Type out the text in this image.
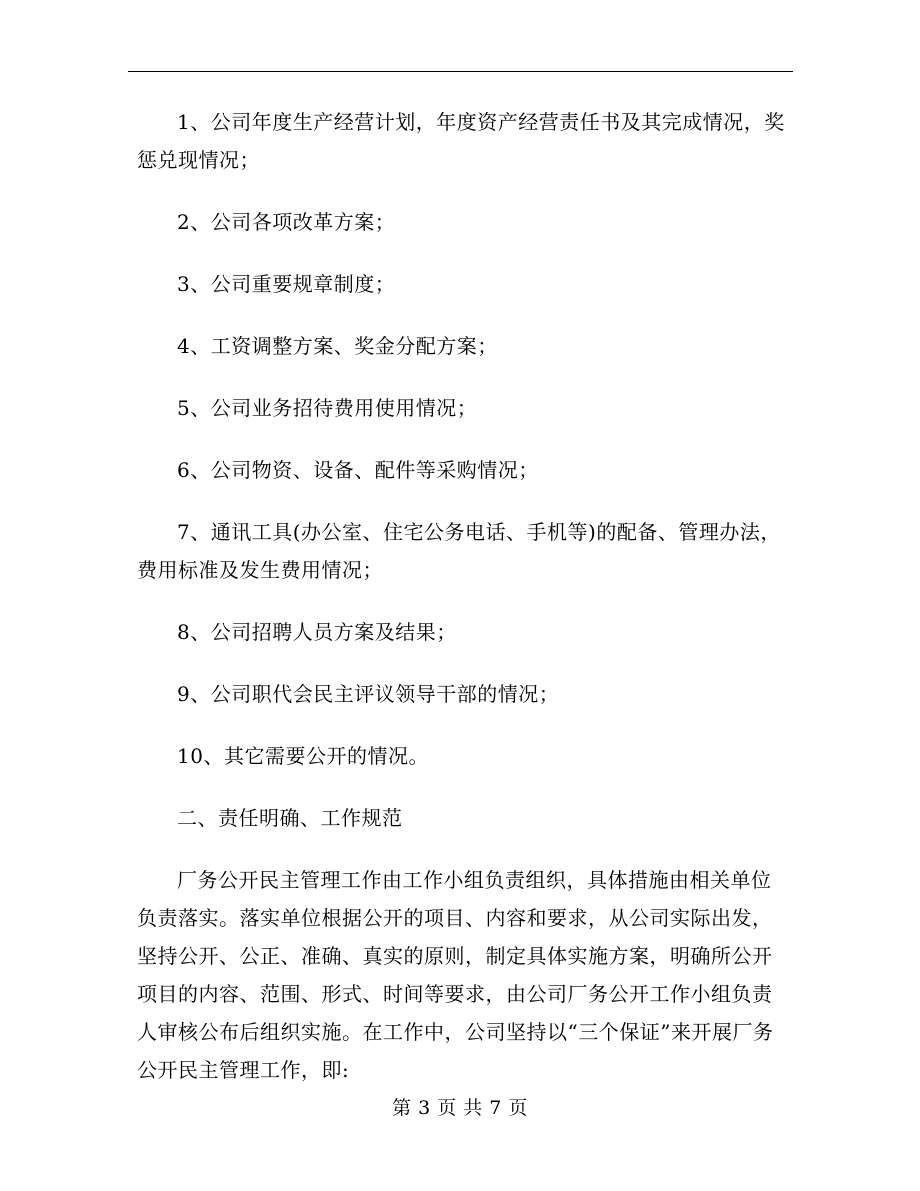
1、公司年度生产经营计划，年度资产经营责任书及其完成情况，奖惩兑现情况；

2、公司各项改革方案；

3、公司重要规章制度；

4、工资调整方案、奖金分配方案；

5、公司业务招待费用使用情况；

6、公司物资、设备、配件等采购情况；

7、通讯工具(办公室、住宅公务电话、手机等)的配备、管理办法，费用标准及发生费用情况；

8、公司招聘人员方案及结果；

9、公司职代会民主评议领导干部的情况；

10、其它需要公开的情况。

二、责任明确、工作规范

厂务公开民主管理工作由工作小组负责组织，具体措施由相关单位负责落实。落实单位根据公开的项目、内容和要求，从公司实际出发，坚持公开、公正、准确、真实的原则，制定具体实施方案，明确所公开项目的内容、范围、形式、时间等要求，由公司厂务公开工作小组负责人审核公布后组织实施。在工作中，公司坚持以“三个保证”来开展厂务公开民主管理工作，即:

第 3 页 共 7 页
